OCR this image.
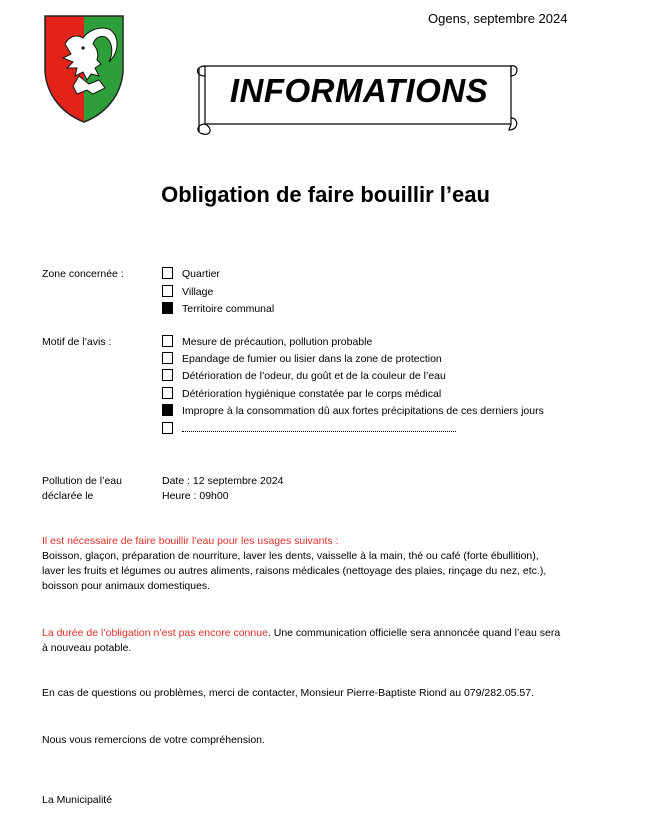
Ogens, septembre 2024
INFORMATIONS
Obligation de faire bouillir l’eau
Zone concernée :	Quartier
Village
Territoire communal
Motif de l’avis :	Mesure de précaution, pollution probable
Epandage de fumier ou lisier dans la zone de protection
Détérioration de l’odeur, du goût et de la couleur de l’eau
Détérioration hygiénique constatée par le corps médical
Impropre à la consommation dû aux fortes précipitations de ces derniers jours
Pollution de l’eau
déclarée le
Date : 12 septembre 2024
Heure : 09h00
Il est nécessaire de faire bouillir l’eau pour les usages suivants :
Boisson, glaçon, préparation de nourriture, laver les dents, vaisselle à la main, thé ou café (forte ébullition),
laver les fruits et légumes ou autres aliments, raisons médicales (nettoyage des plaies, rinçage du nez, etc.),
boisson pour animaux domestiques.
La durée de l’obligation n’est pas encore connue. Une communication officielle sera annoncée quand l’eau sera
à nouveau potable.
En cas de questions ou problèmes, merci de contacter, Monsieur Pierre-Baptiste Riond au 079/282.05.57.
Nous vous remercions de votre compréhension.
La Municipalité
